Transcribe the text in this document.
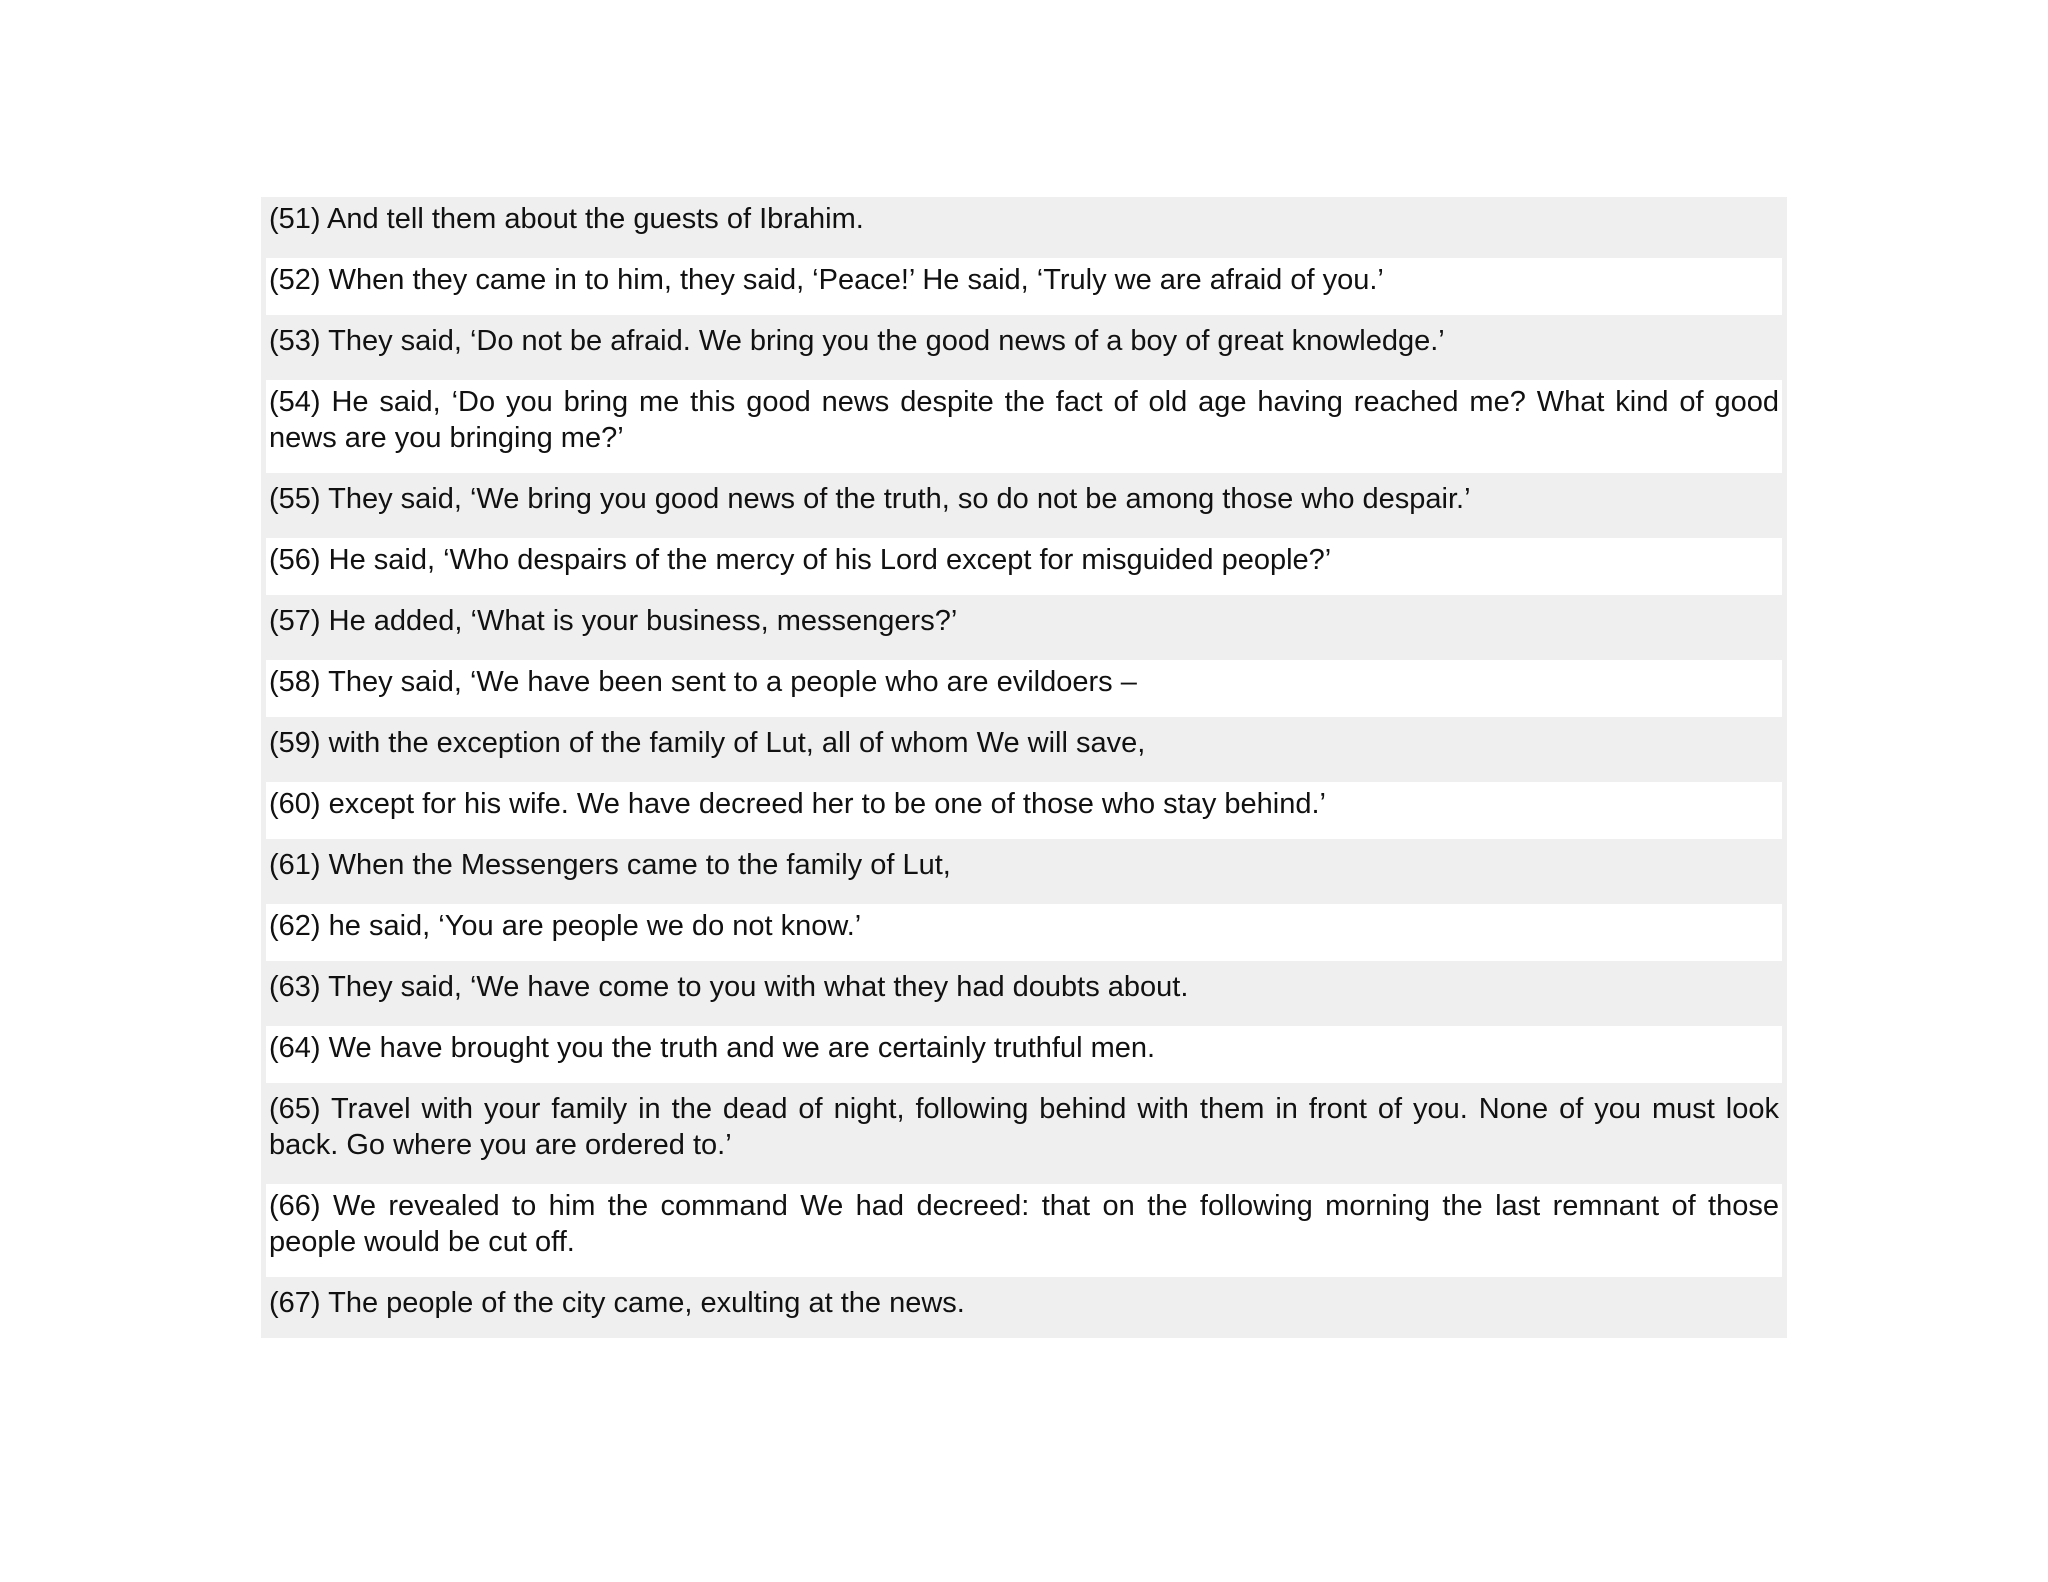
(51) And tell them about the guests of Ibrahim.
(52) When they came in to him, they said, ‘Peace!’ He said, ‘Truly we are afraid of you.’
(53) They said, ‘Do not be afraid. We bring you the good news of a boy of great knowledge.’
(54) He said, ‘Do you bring me this good news despite the fact of old age having reached me? What kind of good news are you bringing me?’
(55) They said, ‘We bring you good news of the truth, so do not be among those who despair.’
(56) He said, ‘Who despairs of the mercy of his Lord except for misguided people?’
(57) He added, ‘What is your business, messengers?’
(58) They said, ‘We have been sent to a people who are evildoers –
(59) with the exception of the family of Lut, all of whom We will save,
(60) except for his wife. We have decreed her to be one of those who stay behind.’
(61) When the Messengers came to the family of Lut,
(62) he said, ‘You are people we do not know.’
(63) They said, ‘We have come to you with what they had doubts about.
(64) We have brought you the truth and we are certainly truthful men.
(65) Travel with your family in the dead of night, following behind with them in front of you. None of you must look back. Go where you are ordered to.’
(66) We revealed to him the command We had decreed: that on the following morning the last remnant of those people would be cut off.
(67) The people of the city came, exulting at the news.
